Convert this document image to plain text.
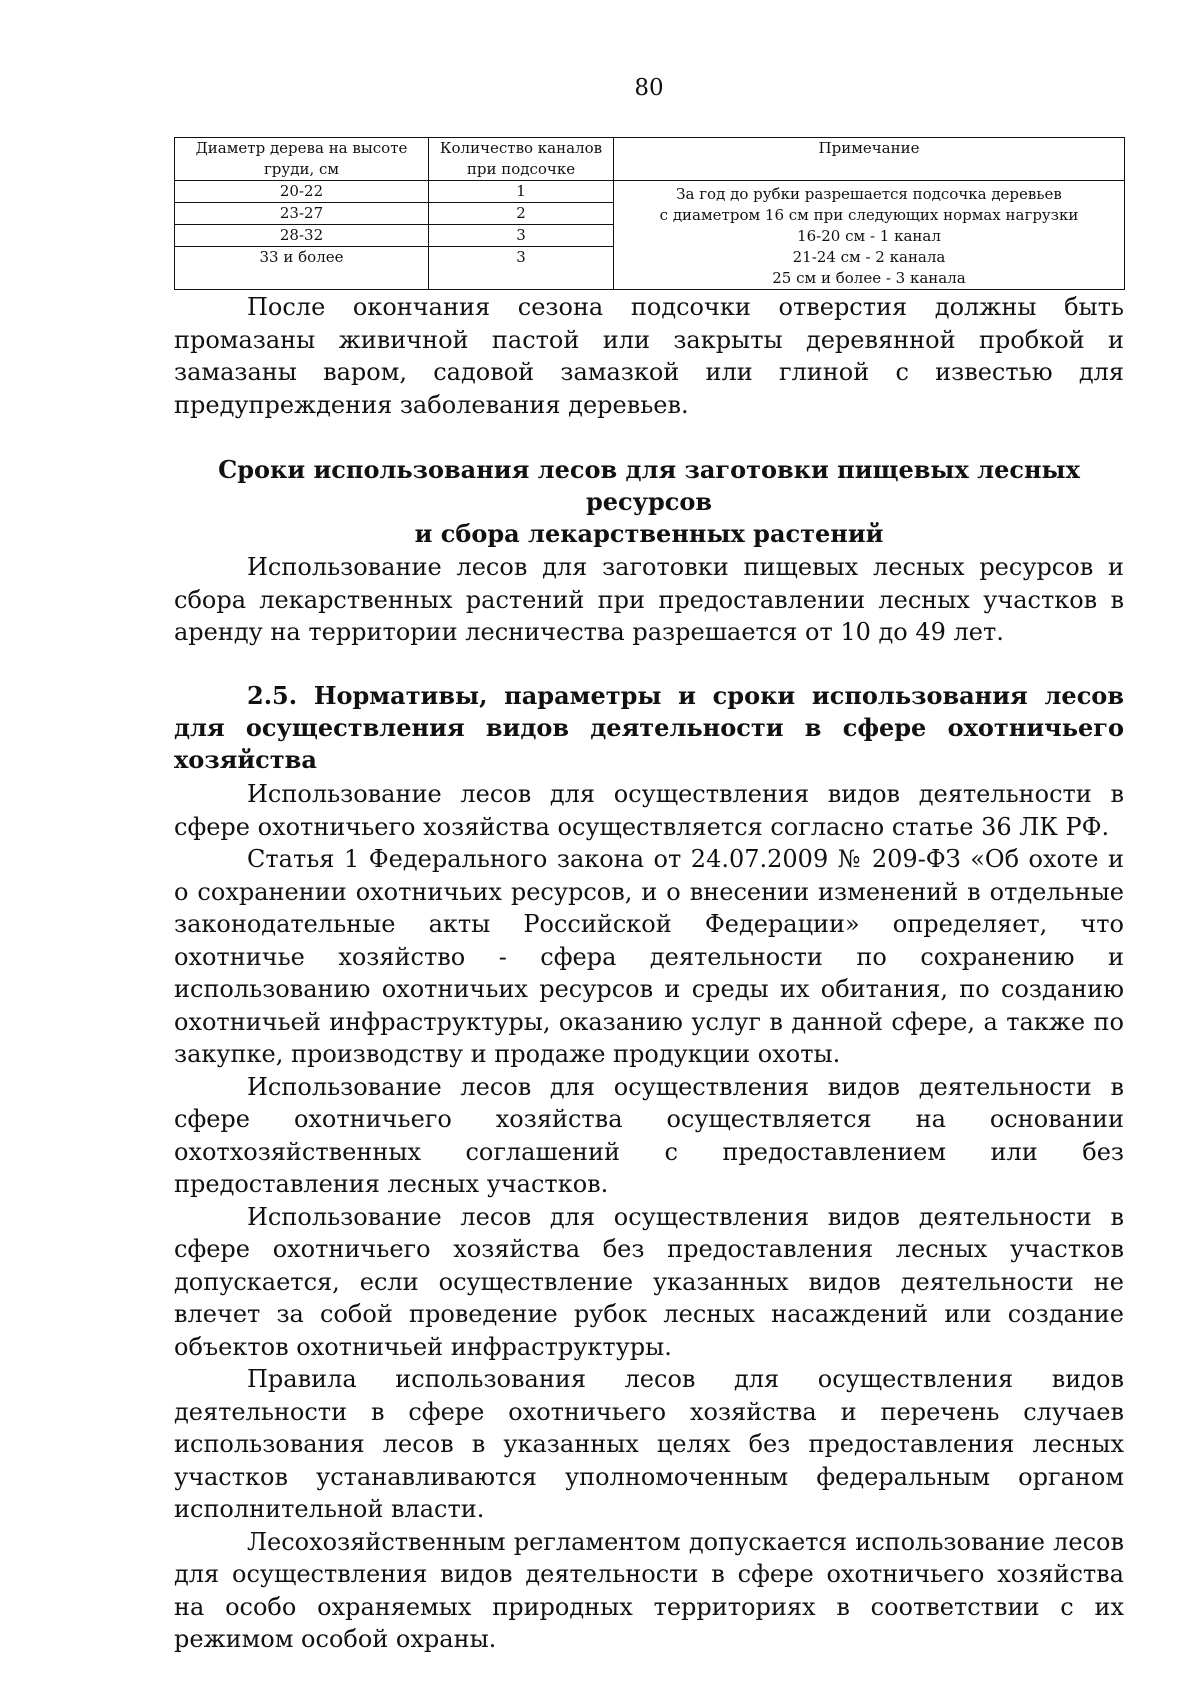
80
Диаметр дерева на высоте груди, см	Количество каналов при подсочке	Примечание
20-22	1	За год до рубки разрешается подсочка деревьев
с диаметром 16 см при следующих нормах нагрузки
16-20 см - 1 канал
21-24 см - 2 канала
25 см и более - 3 канала

23-27	2	
28-32	3	
33 и более	3	

После окончания сезона подсочки отверстия должны быть промазаны живичной пастой или закрыты деревянной пробкой и замазаны варом, садовой замазкой или глиной с известью для предупреждения заболевания деревьев.

Сроки использования лесов для заготовки пищевых лесных ресурсов
и сбора лекарственных растений

Использование лесов для заготовки пищевых лесных ресурсов и сбора лекарственных растений при предоставлении лесных участков в аренду на территории лесничества разрешается от 10 до 49 лет.

2.5. Нормативы, параметры и сроки использования лесов для осуществления видов деятельности в сфере охотничьего хозяйства

Использование лесов для осуществления видов деятельности в сфере охотничьего хозяйства осуществляется согласно статье 36 ЛК РФ.

Статья 1 Федерального закона от 24.07.2009 № 209-ФЗ «Об охоте и о сохранении охотничьих ресурсов, и о внесении изменений в отдельные законодательные акты Российской Федерации» определяет, что охотничье хозяйство - сфера деятельности по сохранению и использованию охотничьих ресурсов и среды их обитания, по созданию охотничьей инфраструктуры, оказанию услуг в данной сфере, а также по закупке, производству и продаже продукции охоты.

Использование лесов для осуществления видов деятельности в сфере охотничьего хозяйства осуществляется на основании охотхозяйственных соглашений с предоставлением или без предоставления лесных участков.

Использование лесов для осуществления видов деятельности в сфере охотничьего хозяйства без предоставления лесных участков допускается, если осуществление указанных видов деятельности не влечет за собой проведение рубок лесных насаждений или создание объектов охотничьей инфраструктуры.

Правила использования лесов для осуществления видов деятельности в сфере охотничьего хозяйства и перечень случаев использования лесов в указанных целях без предоставления лесных участков устанавливаются уполномоченным федеральным органом исполнительной власти.

Лесохозяйственным регламентом допускается использование лесов для осуществления видов деятельности в сфере охотничьего хозяйства на особо охраняемых природных территориях в соответствии с их режимом особой охраны.
